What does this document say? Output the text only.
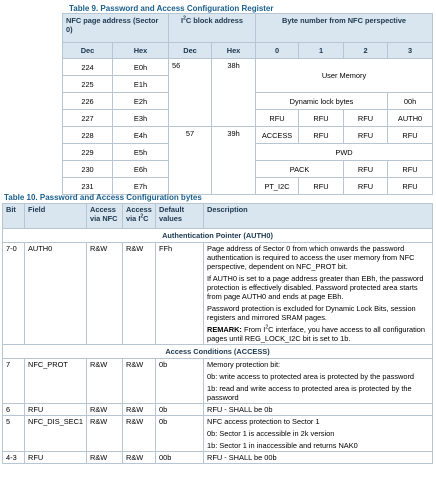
Table 9. Password and Access Configuration Register
NFC page address (Sector 0)		$I^2C$ block address		Byte number from NFC perspective			
Dec	Hex	Dec	Hex	0	1	2	3
224	E0h	56	38h	User Memory			
225	E1h						
226	E2h			Dynamic lock bytes			00h
227	E3h			RFU	RFU	RFU	AUTH0
228	E4h	57	39h	ACCESS	RFU	RFU	RFU
229	E5h			PWD			
230	E6h			PACK		RFU	RFU
231	E7h			PT_I2C	RFU	RFU	RFU
Table 10. Password and Access Configuration bytes
Bit	Field	Access via NFC	Access via $I^2C$	Default values	Description
Authentication Pointer (AUTH0)					
7-0	AUTH0	R&W	R&W	FFh	Page address of Sector 0 from which onwards the password authentication is required to access the user memory from NFC perspective, dependent on NFC_PROT bit.

If AUTH0 is set to a page address greater than EBh, the password protection is effectively disabled. Password protected area starts from page AUTH0 and ends at page EBh.

Password protection is excluded for Dynamic Lock Bits, session registers and mirrored SRAM pages.

REMARK: From $I^2C$ interface, you have access to all configuration pages until REG_LOCK_I2C bit is set to 1b.

Access Conditions (ACCESS)					
7	NFC_PROT	R&W	R&W	0b	Memory protection bit:

0b: write access to protected area is protected by the password

1b: read and write access to protected area is protected by the password

6	RFU	R&W	R&W	0b	RFU - SHALL be 0b

5	NFC_DIS_SEC1	R&W	R&W	0b	NFC access protection to Sector 1

0b: Sector 1 is accessible in 2k version

1b: Sector 1 in inaccessible and returns NAK0

4-3	RFU	R&W	R&W	00b	RFU - SHALL be 00b
